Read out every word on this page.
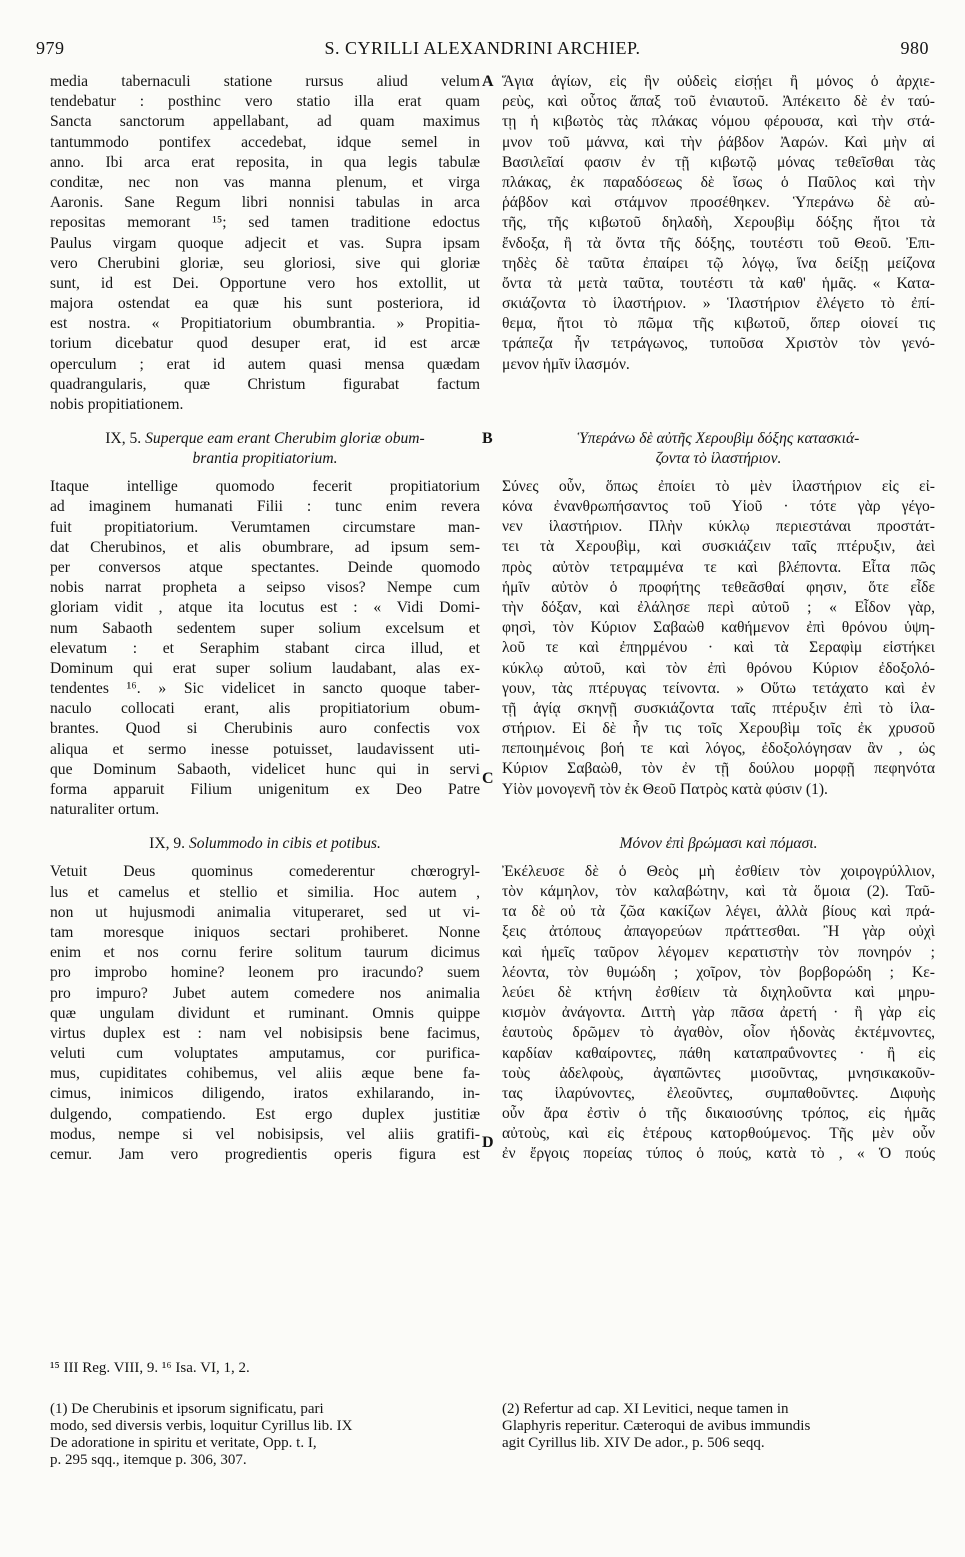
979	S. CYRILLI ALEXANDRINI ARCHIEP.	980
A
B
C
D
media tabernaculi statione rursus aliud velum
tendebatur : posthinc vero statio illa erat quam
Sancta sanctorum appellabant, ad quam maximus
tantummodo pontifex accedebat, idque semel in
anno. Ibi arca erat reposita, in qua legis tabulæ
conditæ, nec non vas manna plenum, et virga
Aaronis. Sane Regum libri nonnisi tabulas in arca
repositas memorant ¹⁵; sed tamen traditione edoctus
Paulus virgam quoque adjecit et vas. Supra ipsam
vero Cherubini gloriæ, seu gloriosi, sive qui gloriæ
sunt, id est Dei. Opportune vero hos extollit, ut
majora ostendat ea quæ his sunt posteriora, id
est nostra. « Propitiatorium obumbrantia. » Propitia-
torium dicebatur quod desuper erat, id est arcæ
operculum ; erat id autem quasi mensa quædam
quadrangularis, quæ Christum figurabat factum
nobis propitiationem.
IX, 5. Superque eam erant Cherubim gloriæ obum-
brantia propitiatorium.
Itaque intellige quomodo fecerit propitiatorium
ad imaginem humanati Filii : tunc enim revera
fuit propitiatorium. Verumtamen circumstare man-
dat Cherubinos, et alis obumbrare, ad ipsum sem-
per conversos atque spectantes. Deinde quomodo
nobis narrat propheta a seipso visos? Nempe cum
gloriam vidit , atque ita locutus est : « Vidi Domi-
num Sabaoth sedentem super solium excelsum et
elevatum : et Seraphim stabant circa illud, et
Dominum qui erat super solium laudabant, alas ex-
tendentes ¹⁶. » Sic videlicet in sancto quoque taber-
naculo collocati erant, alis propitiatorium obum-
brantes. Quod si Cherubinis auro confectis vox
aliqua et sermo inesse potuisset, laudavissent uti-
que Dominum Sabaoth, videlicet hunc qui in servi
forma apparuit Filium unigenitum ex Deo Patre
naturaliter ortum.
IX, 9. Solummodo in cibis et potibus.
Vetuit Deus quominus comederentur chœrogryl-
lus et camelus et stellio et similia. Hoc autem ,
non ut hujusmodi animalia vituperaret, sed ut vi-
tam moresque iniquos sectari prohiberet. Nonne
enim et nos cornu ferire solitum taurum dicimus
pro improbo homine? leonem pro iracundo? suem
pro impuro? Jubet autem comedere nos animalia
quæ ungulam dividunt et ruminant. Omnis quippe
virtus duplex est : nam vel nobisipsis bene facimus,
veluti cum voluptates amputamus, cor purifica-
mus, cupiditates cohibemus, vel aliis æque bene fa-
cimus, inimicos diligendo, iratos exhilarando, in-
dulgendo, compatiendo. Est ergo duplex justitiæ
modus, nempe si vel nobisipsis, vel aliis gratifi-
cemur. Jam vero progredientis operis figura est
Ἅγια ἁγίων, εἰς ἣν οὐδεὶς εἰσῄει ἢ μόνος ὁ ἀρχιε-
ρεὺς, καὶ οὗτος ἅπαξ τοῦ ἐνιαυτοῦ. Ἀπέκειτο δὲ ἐν ταύ-
τῃ ἡ κιβωτὸς τὰς πλάκας νόμου φέρουσα, καὶ τὴν στά-
μνον τοῦ μάννα, καὶ τὴν ῥάβδον Ἀαρών. Καὶ μὴν αἱ
Βασιλεῖαί φασιν ἐν τῇ κιβωτῷ μόνας τεθεῖσθαι τὰς
πλάκας, ἐκ παραδόσεως δὲ ἴσως ὁ Παῦλος καὶ τὴν
ῥάβδον καὶ στάμνον προσέθηκεν. Ὑπεράνω δὲ αὐ-
τῆς, τῆς κιβωτοῦ δηλαδὴ, Χερουβὶμ δόξης ἤτοι τὰ
ἔνδοξα, ἢ τὰ ὄντα τῆς δόξης, τουτέστι τοῦ Θεοῦ. Ἐπι-
τηδὲς δὲ ταῦτα ἐπαίρει τῷ λόγῳ, ἵνα δείξῃ μείζονα
ὄντα τὰ μετὰ ταῦτα, τουτέστι τὰ καθ' ἡμᾶς. « Κατα-
σκιάζοντα τὸ ἱλαστήριον. » Ἱλαστήριον ἐλέγετο τὸ ἐπί-
θεμα, ἤτοι τὸ πῶμα τῆς κιβωτοῦ, ὅπερ οἱονεί τις
τράπεζα ἦν τετράγωνος, τυποῦσα Χριστὸν τὸν γενό-
μενον ἡμῖν ἱλασμόν.
Ὑπεράνω δὲ αὐτῆς Χερουβὶμ δόξης κατασκιά-
ζοντα τὸ ἱλαστήριον.
Σύνες οὖν, ὅπως ἐποίει τὸ μὲν ἱλαστήριον εἰς εἰ-
κόνα ἐνανθρωπήσαντος τοῦ Υἱοῦ · τότε γὰρ γέγο-
νεν ἱλαστήριον. Πλὴν κύκλῳ περιεστάναι προστάτ-
τει τὰ Χερουβὶμ, καὶ συσκιάζειν ταῖς πτέρυξιν, ἀεὶ
πρὸς αὐτὸν τετραμμένα τε καὶ βλέποντα. Εἶτα πῶς
ἡμῖν αὐτὸν ὁ προφήτης τεθεᾶσθαί φησιν, ὅτε εἶδε
τὴν δόξαν, καὶ ἐλάλησε περὶ αὐτοῦ ; « Εἶδον γὰρ,
φησὶ, τὸν Κύριον Σαβαὼθ καθήμενον ἐπὶ θρόνου ὑψη-
λοῦ τε καὶ ἐπηρμένου · καὶ τὰ Σεραφὶμ εἱστήκει
κύκλῳ αὐτοῦ, καὶ τὸν ἐπὶ θρόνου Κύριον ἐδοξολό-
γουν, τὰς πτέρυγας τείνοντα. » Οὕτω τετάχατο καὶ ἐν
τῇ ἁγίᾳ σκηνῇ συσκιάζοντα ταῖς πτέρυξιν ἐπὶ τὸ ἱλα-
στήριον. Εἰ δὲ ἦν τις τοῖς Χερουβὶμ τοῖς ἐκ χρυσοῦ
πεποιημένοις βοή τε καὶ λόγος, ἐδοξολόγησαν ἂν , ὡς
Κύριον Σαβαὼθ, τὸν ἐν τῇ δούλου μορφῇ πεφηνότα
Υἱὸν μονογενῆ τὸν ἐκ Θεοῦ Πατρὸς κατὰ φύσιν (1).
Μόνον ἐπὶ βρώμασι καὶ πόμασι.
Ἐκέλευσε δὲ ὁ Θεὸς μὴ ἐσθίειν τὸν χοιρογρύλλιον,
τὸν κάμηλον, τὸν καλαβώτην, καὶ τὰ ὅμοια (2). Ταῦ-
τα δὲ οὐ τὰ ζῶα κακίζων λέγει, ἀλλὰ βίους καὶ πρά-
ξεις ἀτόπους ἀπαγορεύων πράττεσθαι. Ἢ γὰρ οὐχὶ
καὶ ἡμεῖς ταῦρον λέγομεν κερατιστὴν τὸν πονηρόν ;
λέοντα, τὸν θυμώδη ; χοῖρον, τὸν βορβορώδη ; Κε-
λεύει δὲ κτήνη ἐσθίειν τὰ διχηλοῦντα καὶ μηρυ-
κισμὸν ἀνάγοντα. Διττὴ γὰρ πᾶσα ἀρετή · ἢ γὰρ εἰς
ἑαυτοὺς δρῶμεν τὸ ἀγαθὸν, οἷον ἡδονὰς ἐκτέμνοντες,
καρδίαν καθαίροντες, πάθη καταπραΰνοντες · ἢ εἰς
τοὺς ἀδελφοὺς, ἀγαπῶντες μισοῦντας, μνησικακοῦν-
τας ἱλαρύνοντες, ἐλεοῦντες, συμπαθοῦντες. Διφυὴς
οὖν ἄρα ἐστὶν ὁ τῆς δικαιοσύνης τρόπος, εἰς ἡμᾶς
αὐτοὺς, καὶ εἰς ἑτέρους κατορθούμενος. Τῆς μὲν οὖν
ἐν ἔργοις πορείας τύπος ὁ πούς, κατὰ τὸ , « Ὁ πούς
¹⁵ III Reg. VIII, 9. ¹⁶ Isa. VI, 1, 2.
(1) De Cherubinis et ipsorum significatu, pari
modo, sed diversis verbis, loquitur Cyrillus lib. IX
De adoratione in spiritu et veritate, Opp. t. I,
p. 295 sqq., itemque p. 306, 307.
(2) Refertur ad cap. XI Levitici, neque tamen in
Glaphyris reperitur. Cæteroqui de avibus immundis
agit Cyrillus lib. XIV De ador., p. 506 seqq.
